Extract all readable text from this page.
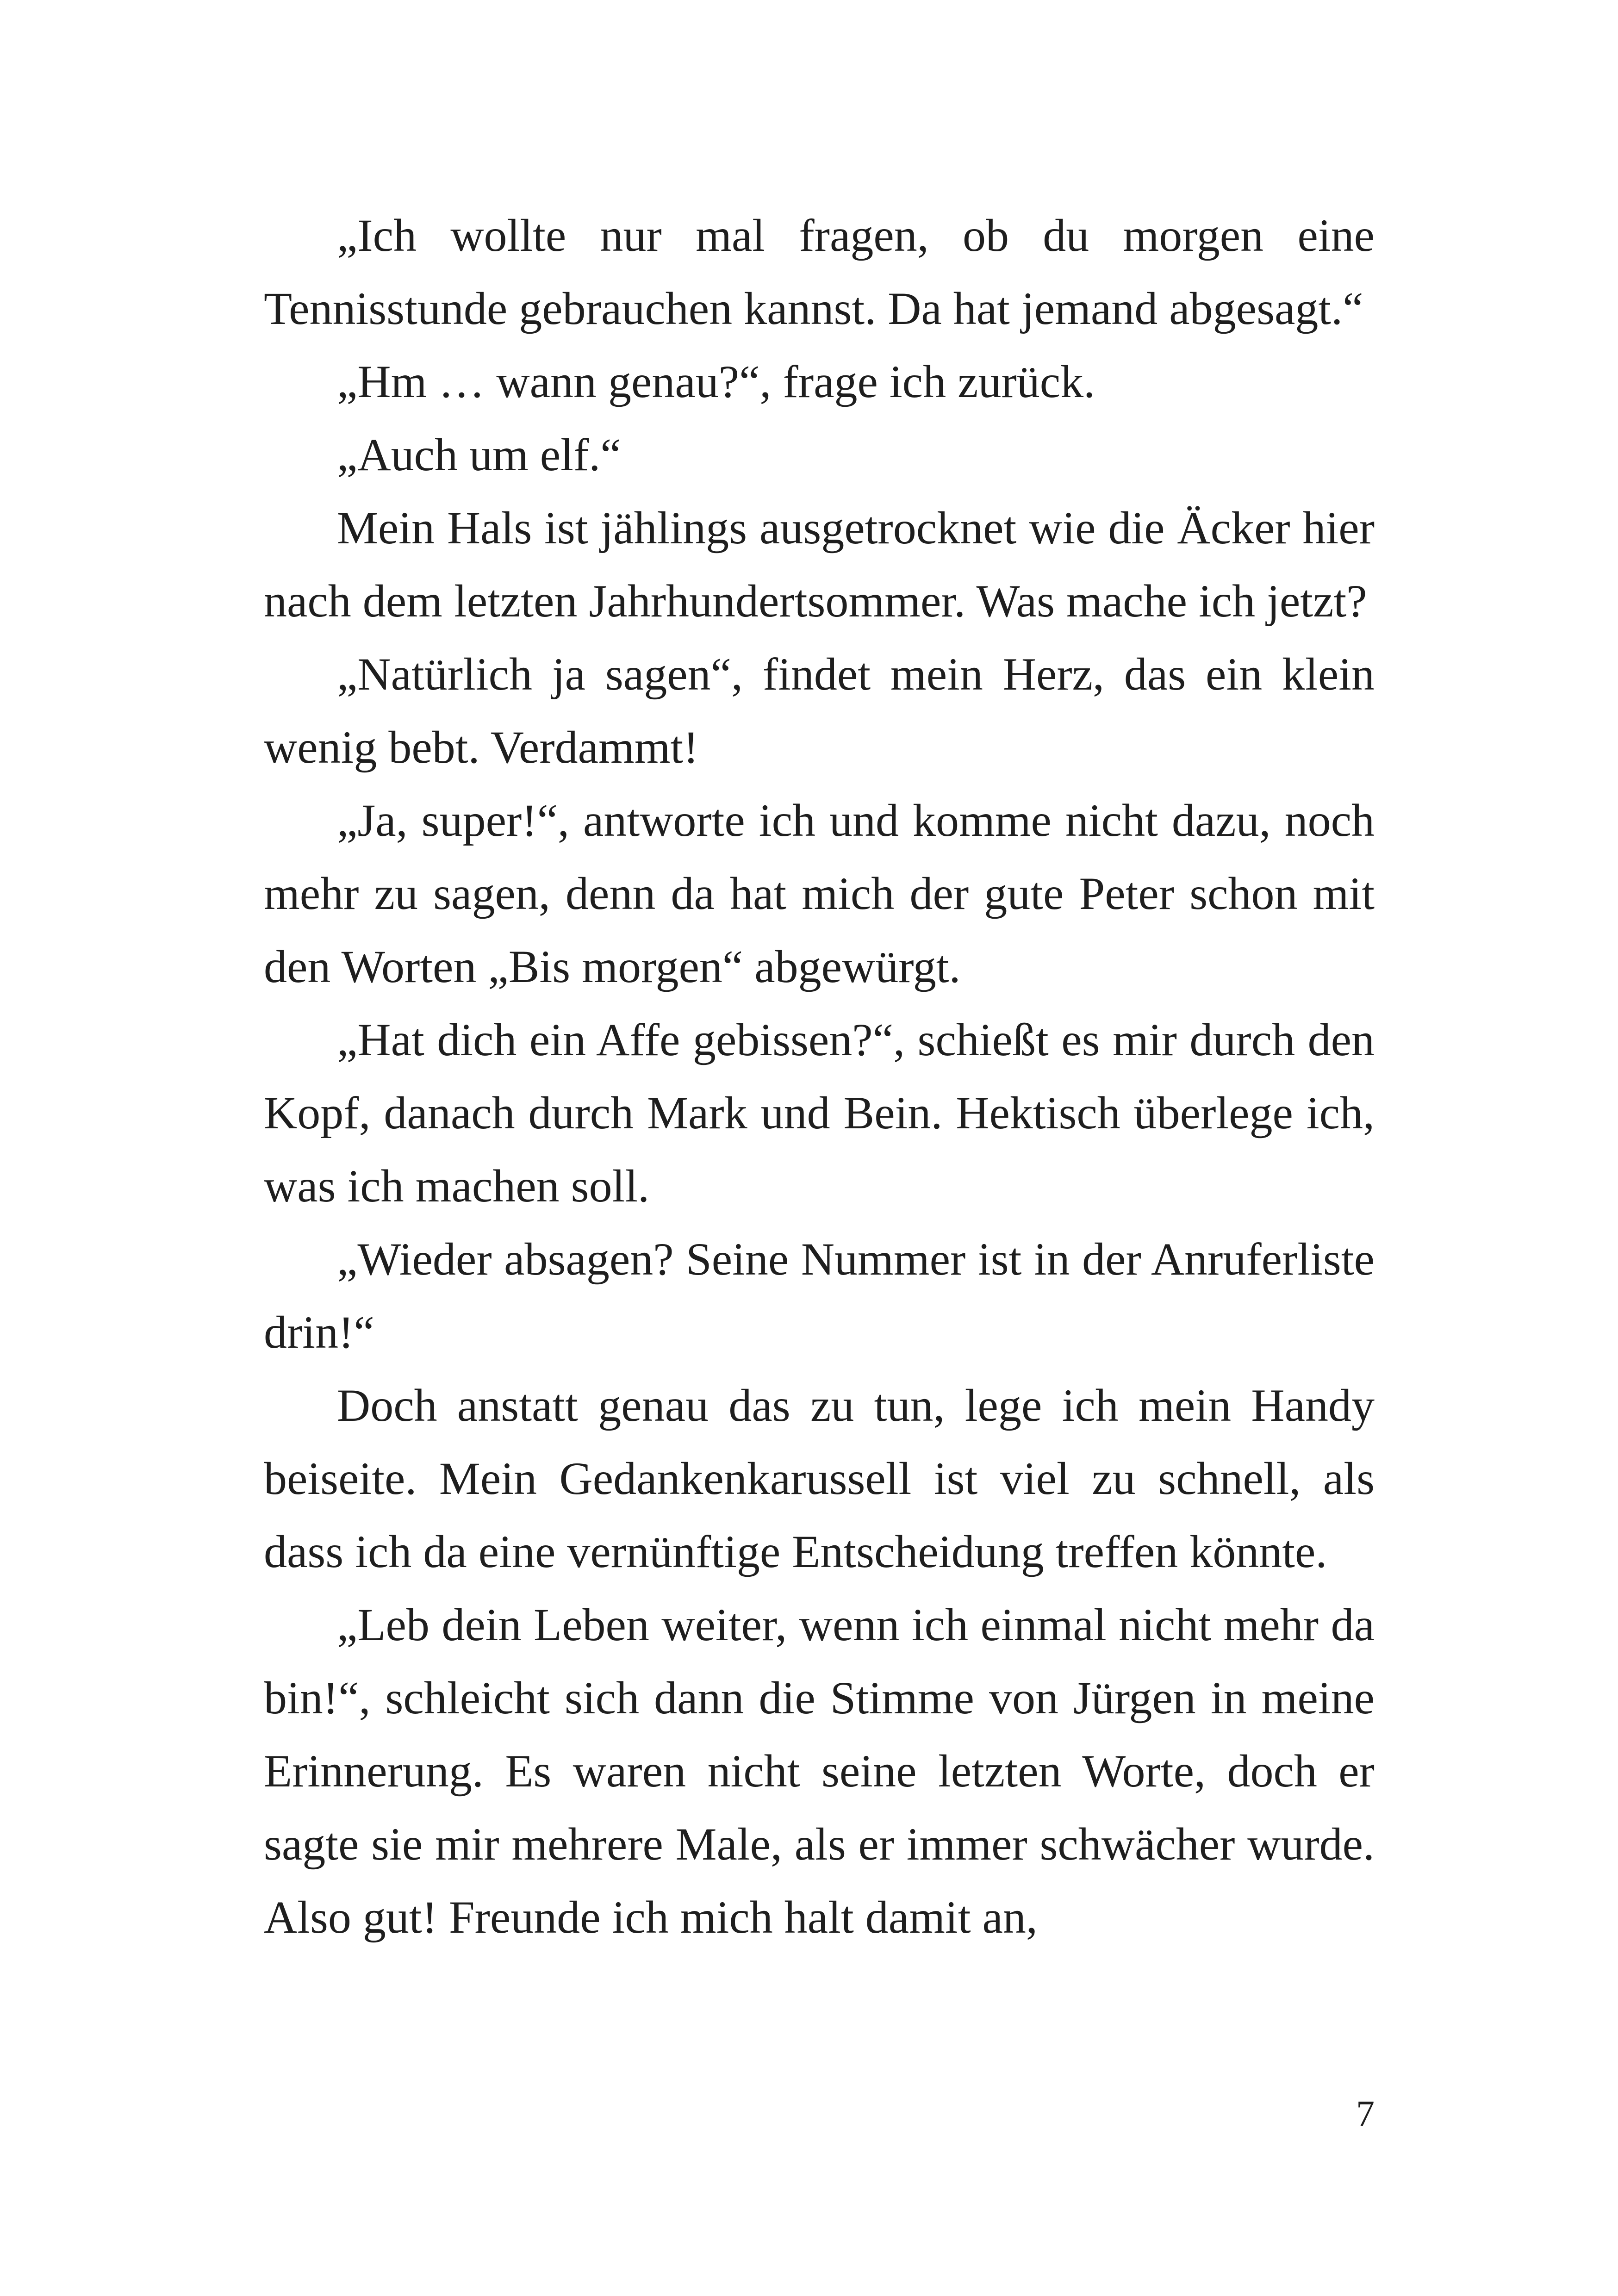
„Ich wollte nur mal fragen, ob du morgen eine Tennisstunde gebrauchen kannst. Da hat jemand abgesagt.“

„Hm … wann genau?“, frage ich zurück.

„Auch um elf.“

Mein Hals ist jählings ausgetrocknet wie die Äcker hier nach dem letzten Jahrhundertsommer. Was mache ich jetzt?

„Natürlich ja sagen“, findet mein Herz, das ein klein wenig bebt. Verdammt!

„Ja, super!“, antworte ich und komme nicht dazu, noch mehr zu sagen, denn da hat mich der gute Peter schon mit den Worten „Bis morgen“ abgewürgt.

„Hat dich ein Affe gebissen?“, schießt es mir durch den Kopf, danach durch Mark und Bein. Hektisch überlege ich, was ich machen soll.

„Wieder absagen? Seine Nummer ist in der Anruferliste drin!“

Doch anstatt genau das zu tun, lege ich mein Handy beiseite. Mein Gedankenkarussell ist viel zu schnell, als dass ich da eine vernünftige Entscheidung treffen könnte.

„Leb dein Leben weiter, wenn ich einmal nicht mehr da bin!“, schleicht sich dann die Stimme von Jürgen in meine Erinnerung. Es waren nicht seine letzten Worte, doch er sagte sie mir mehrere Male, als er immer schwächer wurde. Also gut! Freunde ich mich halt damit an,

7
